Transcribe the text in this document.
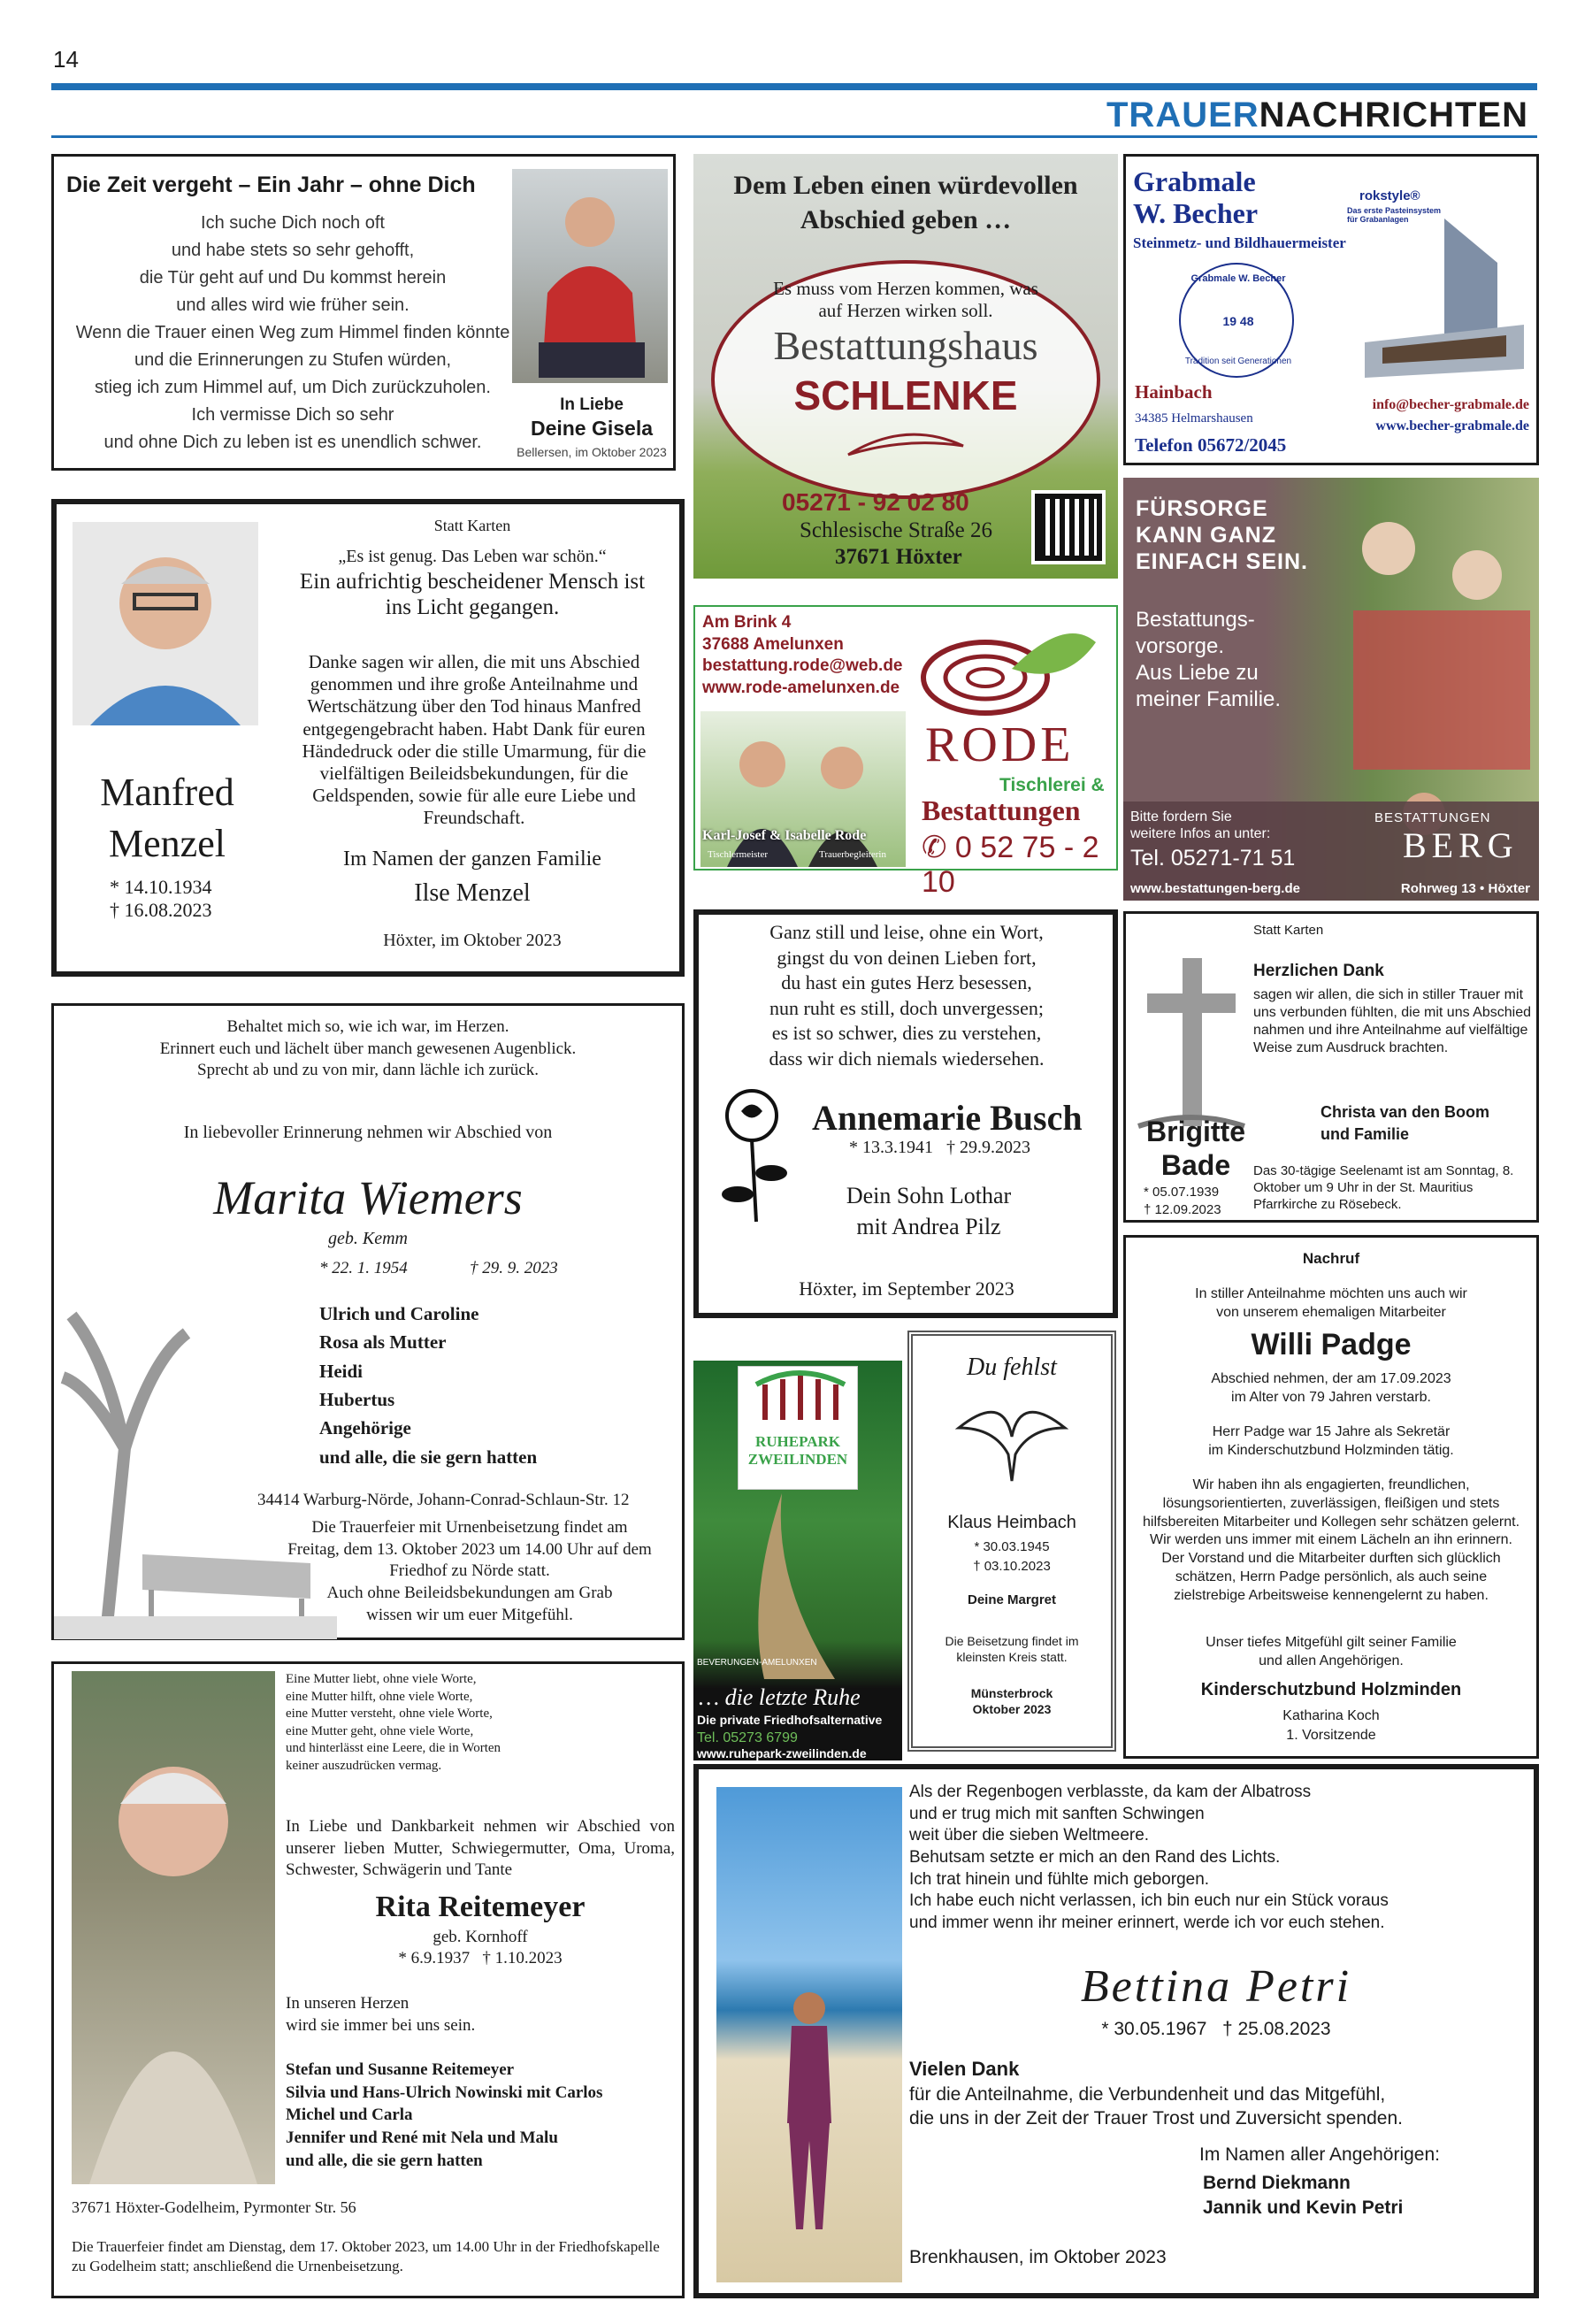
14
TRAUERNACHRICHTEN
Die Zeit vergeht – Ein Jahr – ohne Dich
Ich suche Dich noch oft
und habe stets so sehr gehofft,
die Tür geht auf und Du kommst herein
und alles wird wie früher sein.
Wenn die Trauer einen Weg zum Himmel finden könnte
und die Erinnerungen zu Stufen würden,
stieg ich zum Himmel auf, um Dich zurückzuholen.
Ich vermisse Dich so sehr
und ohne Dich zu leben ist es unendlich schwer.
In Liebe
Deine Gisela
Bellersen, im Oktober 2023
Dem Leben einen würdevollen Abschied geben …
Es muss vom Herzen kommen, was auf Herzen wirken soll.
Bestattungshaus
SCHLENKE
05271 - 92 02 80
Schlesische Straße 26
37671 Höxter
Grabmale
W. Becher
Steinmetz- und Bildhauermeister
Grabmale W. Becher
19 48
Tradition seit Generationen
rokstyle®
Das erste Pasteinsystem für Grabanlagen
Hainbach
34385 Helmarshausen
Telefon 05672/2045
info@becher-grabmale.de
www.becher-grabmale.de
Manfred
Menzel
* 14.10.1934
† 16.08.2023
Statt Karten
„Es ist genug. Das Leben war schön.“
Ein aufrichtig bescheidener Mensch ist ins Licht gegangen.
Danke sagen wir allen, die mit uns Abschied genommen und ihre große Anteilnahme und Wertschätzung über den Tod hinaus Manfred entgegengebracht haben. Habt Dank für euren Händedruck oder die stille Umarmung, für die vielfältigen Beileidsbekundungen, für die Geldspenden, sowie für alle eure Liebe und Freundschaft.
Im Namen der ganzen Familie
Ilse Menzel
Höxter, im Oktober 2023
Am Brink 4
37688 Amelunxen
bestattung.rode@web.de
www.rode-amelunxen.de
Karl-Josef & Isabelle Rode
Tischlermeister	Trauerbegleiterin
RODE
Tischlerei &
Bestattungen
✆ 0 52 75 - 2 10
FÜRSORGE
KANN GANZ
EINFACH SEIN.
Bestattungs-
vorsorge.
Aus Liebe zu
meiner Familie.
Bitte fordern Sie
weitere Infos an unter:
Tel. 05271-71 51
BESTATTUNGEN
BERG
www.bestattungen-berg.de	Rohrweg 13 • Höxter
Behaltet mich so, wie ich war, im Herzen.
Erinnert euch und lächelt über manch gewesenen Augenblick.
Sprecht ab und zu von mir, dann lächle ich zurück.
In liebevoller Erinnerung nehmen wir Abschied von
Marita Wiemers
geb. Kemm
* 22. 1. 1954	† 29. 9. 2023
Ulrich und Caroline
Rosa als Mutter
Heidi
Hubertus
Angehörige
und alle, die sie gern hatten
34414 Warburg-Nörde, Johann-Conrad-Schlaun-Str. 12
Die Trauerfeier mit Urnenbeisetzung findet am
Freitag, dem 13. Oktober 2023 um 14.00 Uhr auf dem
Friedhof zu Nörde statt.
Auch ohne Beileidsbekundungen am Grab
wissen wir um euer Mitgefühl.
Ganz still und leise, ohne ein Wort,
gingst du von deinen Lieben fort,
du hast ein gutes Herz besessen,
nun ruht es still, doch unvergessen;
es ist so schwer, dies zu verstehen,
dass wir dich niemals wiedersehen.
Annemarie Busch
* 13.3.1941   † 29.9.2023
Dein Sohn Lothar
mit Andrea Pilz
Höxter, im September 2023
Statt Karten
Herzlichen Dank
sagen wir allen, die sich in stiller Trauer mit uns verbunden fühlten, die mit uns Abschied nahmen und ihre Anteilnahme auf vielfältige Weise zum Ausdruck brachten.
Brigitte
Bade
* 05.07.1939
† 12.09.2023
Christa van den Boom
und Familie
Das 30-tägige Seelenamt ist am Sonntag, 8. Oktober um 9 Uhr in der St. Mauritius Pfarrkirche zu Rösebeck.
Nachruf
In stiller Anteilnahme möchten uns auch wir
von unserem ehemaligen Mitarbeiter
Willi Padge
Abschied nehmen, der am 17.09.2023
im Alter von 79 Jahren verstarb.
Herr Padge war 15 Jahre als Sekretär
im Kinderschutzbund Holzminden tätig.
Wir haben ihn als engagierten, freundlichen, lösungsorientierten, zuverlässigen, fleißigen und stets hilfsbereiten Mitarbeiter und Kollegen sehr schätzen gelernt. Wir werden uns immer mit einem Lächeln an ihn erinnern. Der Vorstand und die Mitarbeiter durften sich glücklich schätzen, Herrn Padge persönlich, als auch seine zielstrebige Arbeitsweise kennengelernt zu haben.
Unser tiefes Mitgefühl gilt seiner Familie
und allen Angehörigen.
Kinderschutzbund Holzminden
Katharina Koch
1. Vorsitzende
RUHEPARK
ZWEILINDEN
BEVERUNGEN-AMELUNXEN
… die letzte Ruhe
Die private Friedhofsalternative
Tel. 05273 6799
www.ruhepark-zweilinden.de
Du fehlst
Klaus Heimbach
* 30.03.1945
† 03.10.2023
Deine Margret
Die Beisetzung findet im kleinsten Kreis statt.
Münsterbrock
Oktober 2023
Eine Mutter liebt, ohne viele Worte,
eine Mutter hilft, ohne viele Worte,
eine Mutter versteht, ohne viele Worte,
eine Mutter geht, ohne viele Worte,
und hinterlässt eine Leere, die in Worten
keiner auszudrücken vermag.
In Liebe und Dankbarkeit nehmen wir Abschied von unserer lieben Mutter, Schwiegermutter, Oma, Uroma, Schwester, Schwägerin und Tante
Rita Reitemeyer
geb. Kornhoff
* 6.9.1937   † 1.10.2023
In unseren Herzen
wird sie immer bei uns sein.
Stefan und Susanne Reitemeyer
Silvia und Hans-Ulrich Nowinski mit Carlos
Michel und Carla
Jennifer und René mit Nela und Malu
und alle, die sie gern hatten
37671 Höxter-Godelheim, Pyrmonter Str. 56
Die Trauerfeier findet am Dienstag, dem 17. Oktober 2023, um 14.00 Uhr in der Friedhofskapelle zu Godelheim statt; anschließend die Urnenbeisetzung.
Als der Regenbogen verblasste, da kam der Albatross
und er trug mich mit sanften Schwingen
weit über die sieben Weltmeere.
Behutsam setzte er mich an den Rand des Lichts.
Ich trat hinein und fühlte mich geborgen.
Ich habe euch nicht verlassen, ich bin euch nur ein Stück voraus
und immer wenn ihr meiner erinnert, werde ich vor euch stehen.
Bettina Petri
* 30.05.1967   † 25.08.2023
Vielen Dank
für die Anteilnahme, die Verbundenheit und das Mitgefühl,
die uns in der Zeit der Trauer Trost und Zuversicht spenden.
Im Namen aller Angehörigen:
Bernd Diekmann
Jannik und Kevin Petri
Brenkhausen, im Oktober 2023
